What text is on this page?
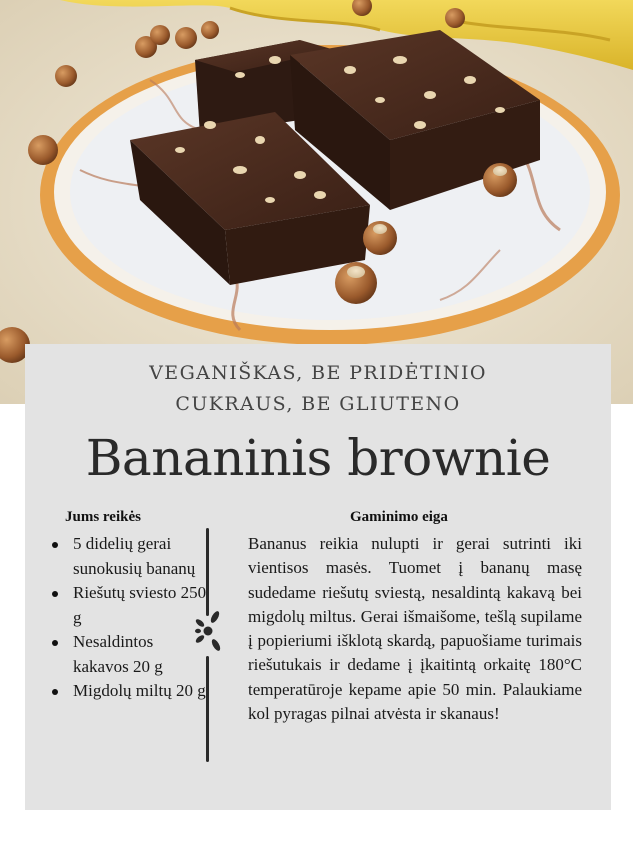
VEGANIŠKAS, BE PRIDĖTINIO
CUKRAUS, BE GLIUTENO
Bananinis brownie
Jums reikės
5 didelių gerai sunokusių bananų
Riešutų sviesto 250 g
Nesaldintos kakavos 20 g
Migdolų miltų 20 g
Gaminimo eiga

Bananus reikia nulupti ir gerai sutrinti iki vientisos masės. Tuomet į bananų masę sudedame riešutų sviestą, nesaldintą kakavą bei migdolų miltus. Gerai išmaišome, tešlą supilame į popieriumi išklotą skardą, papuošiame turimais riešutukais ir dedame į įkaitintą orkaitę 180°C temperatūroje kepame apie 50 min. Palaukiame kol pyragas pilnai atvėsta ir skanaus!
